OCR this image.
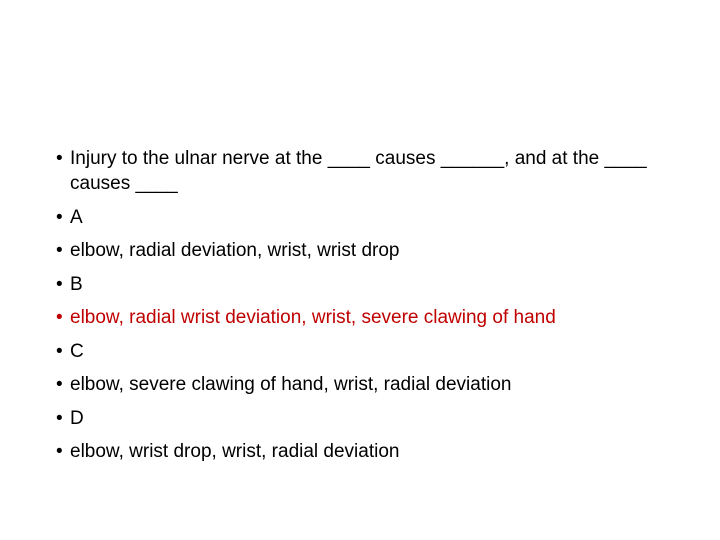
• Injury to the ulnar nerve at the ____ causes ______, and at the ____ causes ____
• A
• elbow, radial deviation, wrist, wrist drop
• B
• elbow, radial wrist deviation, wrist, severe clawing of hand
• C
• elbow, severe clawing of hand, wrist, radial deviation
• D
• elbow, wrist drop, wrist, radial deviation
